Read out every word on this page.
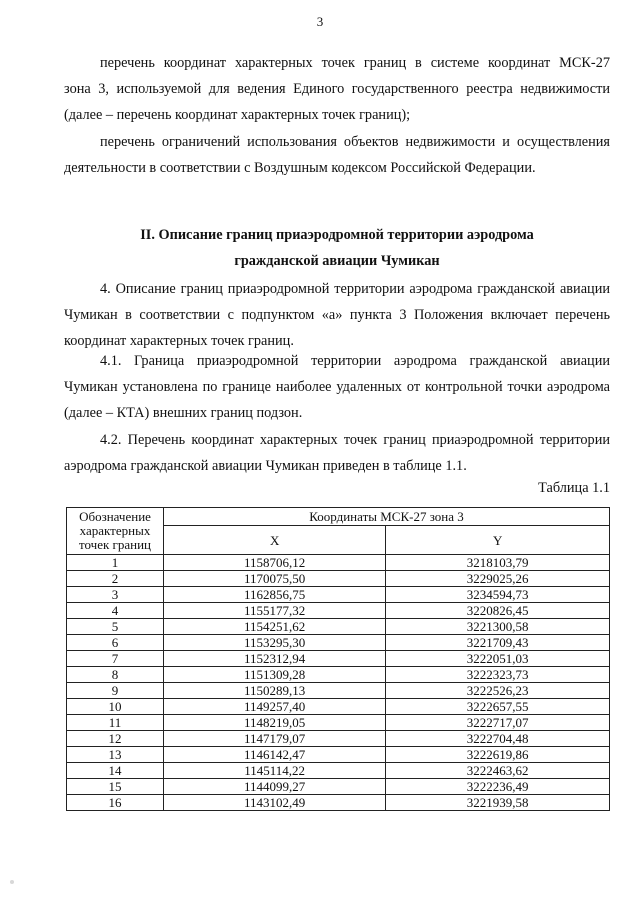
3

перечень координат характерных точек границ в системе координат МСК-27

зона 3, используемой для ведения Единого государственного реестра недвижимости (далее – перечень координат характерных точек границ);

перечень ограничений использования объектов недвижимости и осуществления деятельности в соответствии с Воздушным кодексом Российской Федерации.

II. Описание границ приаэродромной территории аэродрома
гражданской авиации Чумикан

4. Описание границ приаэродромной территории аэродрома гражданской авиации Чумикан в соответствии с подпунктом «а» пункта 3 Положения включает перечень координат характерных точек границ.

4.1. Граница приаэродромной территории аэродрома гражданской авиации Чумикан установлена по границе наиболее удаленных от контрольной точки аэродрома (далее – КТА) внешних границ подзон.

4.2. Перечень координат характерных точек границ приаэродромной территории аэродрома гражданской авиации Чумикан приведен в таблице 1.1.

Таблица 1.1
Обозначение характерных точек границ	Координаты МСК-27 зона 3	
	X	Y
1	1158706,12	3218103,79
2	1170075,50	3229025,26
3	1162856,75	3234594,73
4	1155177,32	3220826,45
5	1154251,62	3221300,58
6	1153295,30	3221709,43
7	1152312,94	3222051,03
8	1151309,28	3222323,73
9	1150289,13	3222526,23
10	1149257,40	3222657,55
11	1148219,05	3222717,07
12	1147179,07	3222704,48
13	1146142,47	3222619,86
14	1145114,22	3222463,62
15	1144099,27	3222236,49
16	1143102,49	3221939,58
